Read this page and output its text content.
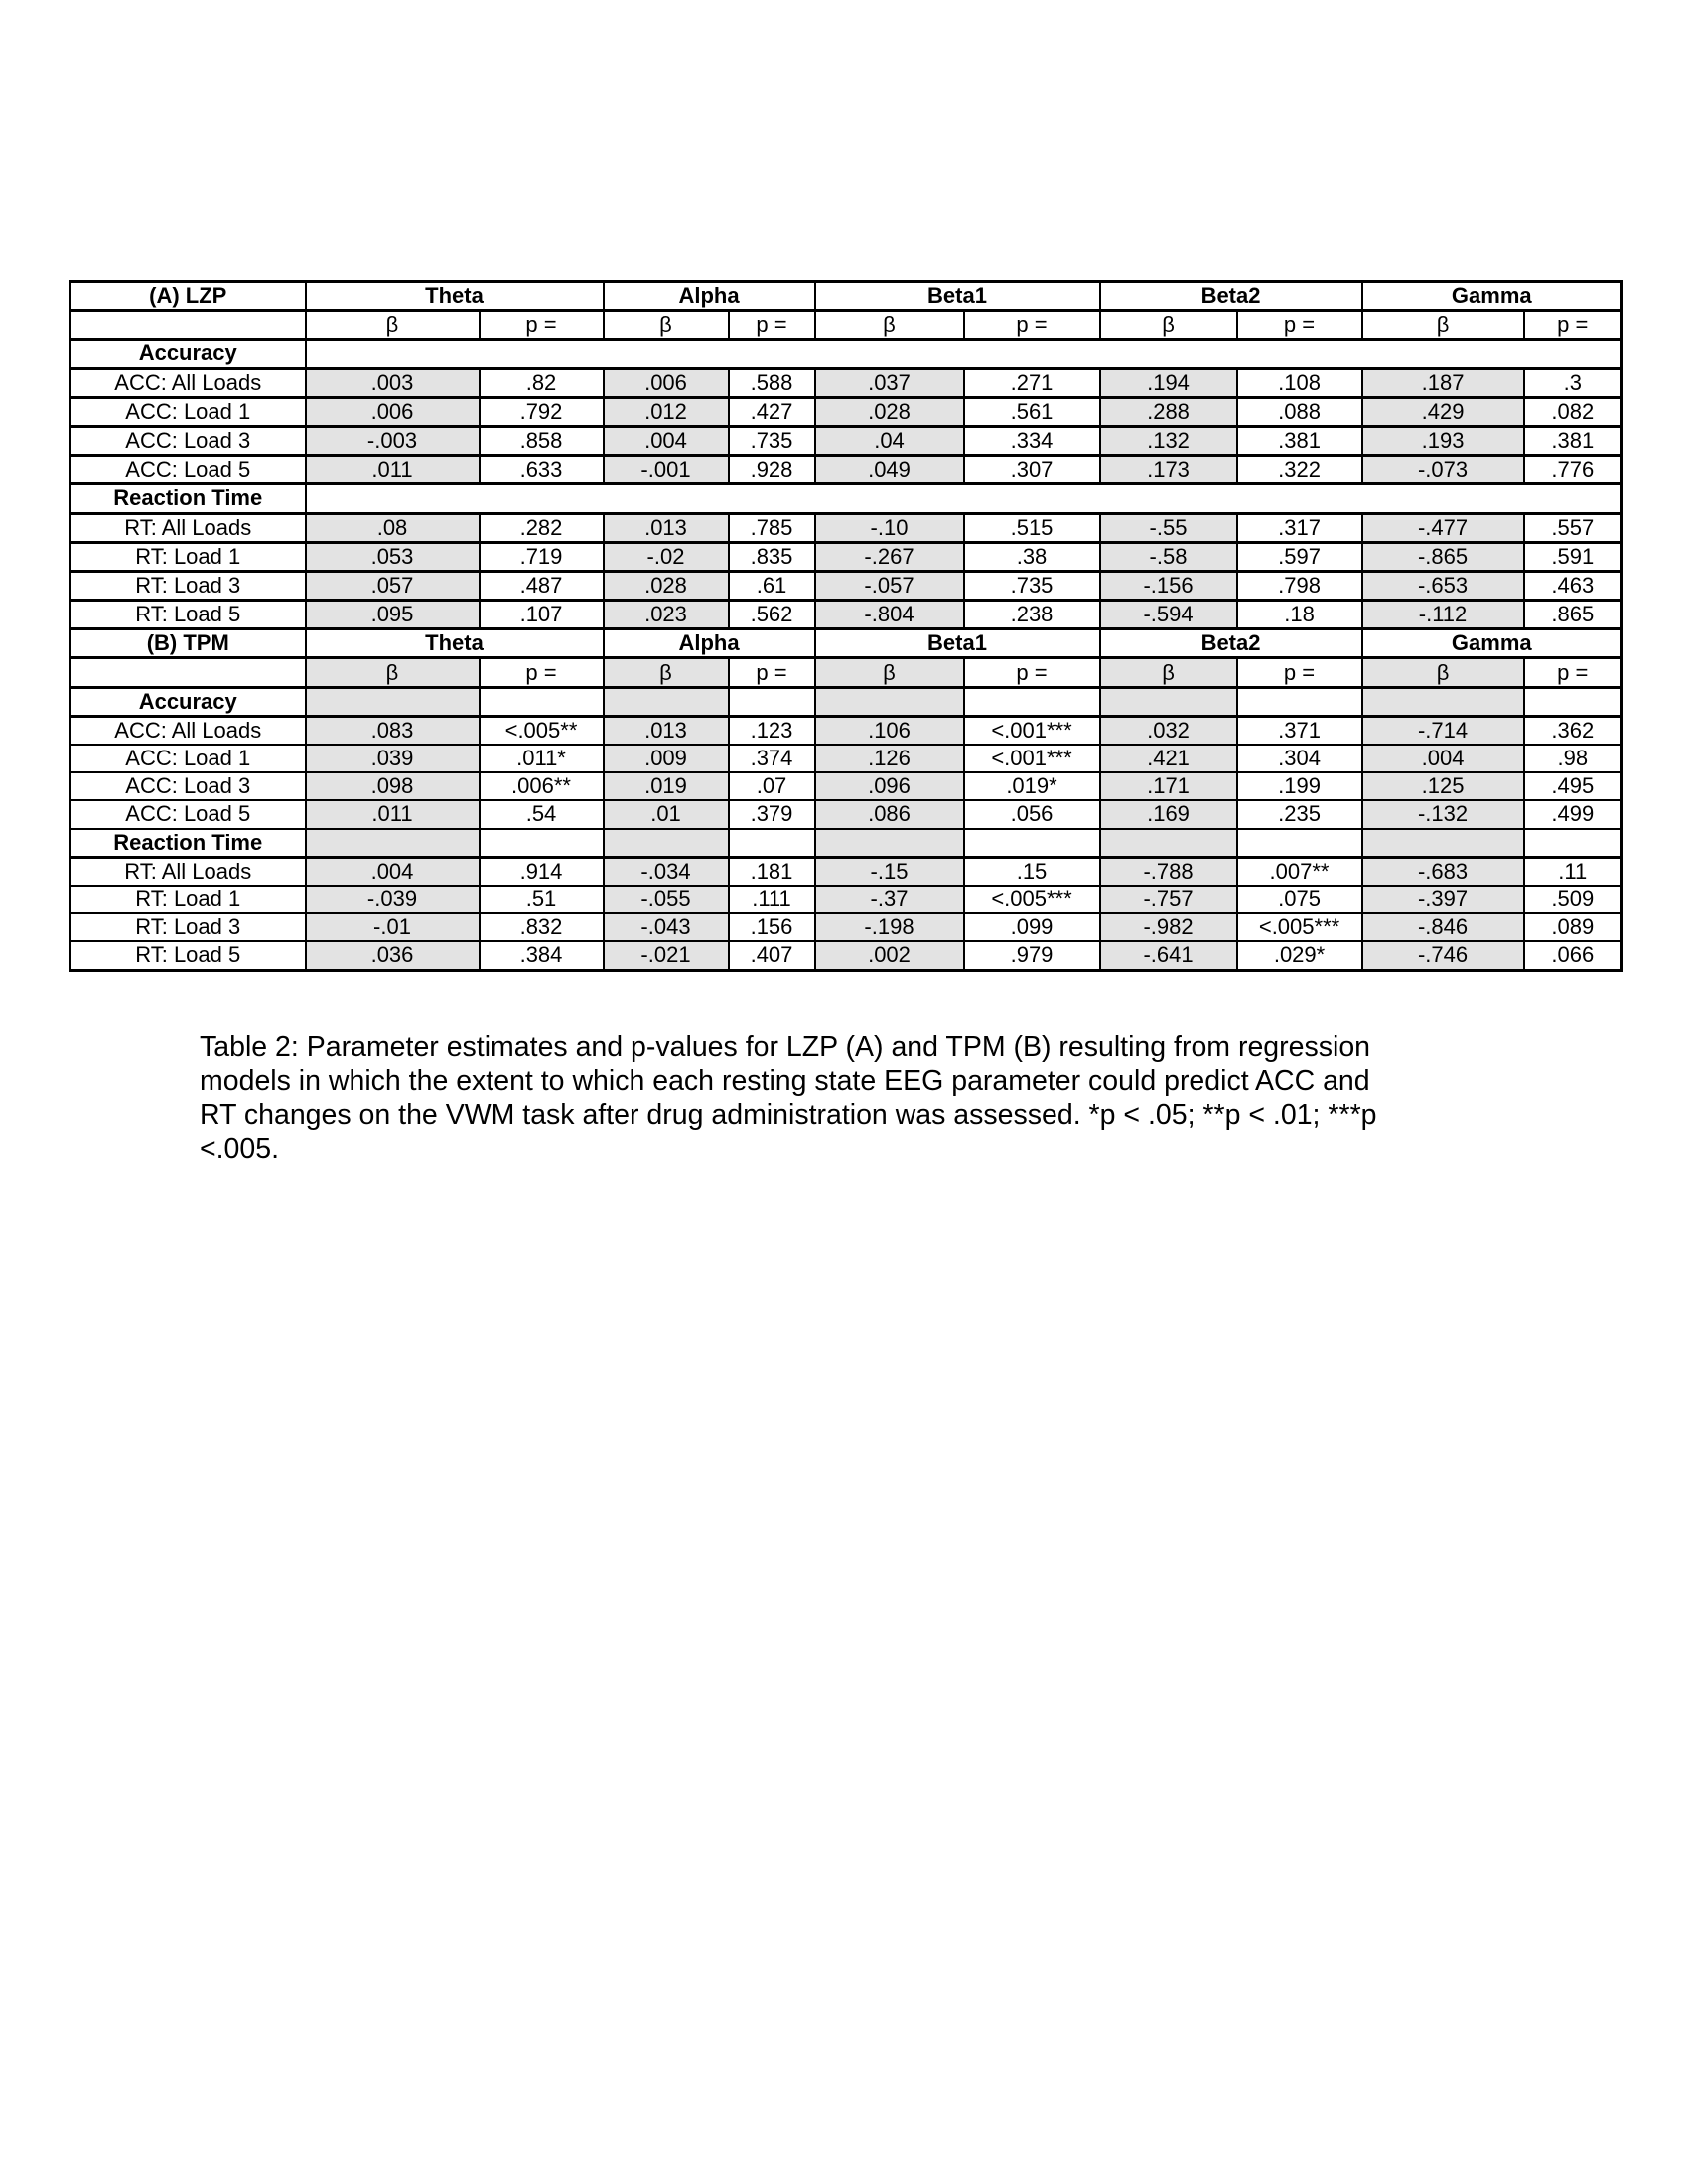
(A) LZP	Theta		Alpha		Beta1		Beta2		Gamma	
	β	p =	β	p =	β	p =	β	p =	β	p =
Accuracy										
ACC: All Loads	.003	.82	.006	.588	.037	.271	.194	.108	.187	.3
ACC: Load 1	.006	.792	.012	.427	.028	.561	.288	.088	.429	.082
ACC: Load 3	-.003	.858	.004	.735	.04	.334	.132	.381	.193	.381
ACC: Load 5	.011	.633	-.001	.928	.049	.307	.173	.322	-.073	.776
Reaction Time										
RT: All Loads	.08	.282	.013	.785	-.10	.515	-.55	.317	-.477	.557
RT: Load 1	.053	.719	-.02	.835	-.267	.38	-.58	.597	-.865	.591
RT: Load 3	.057	.487	.028	.61	-.057	.735	-.156	.798	-.653	.463
RT: Load 5	.095	.107	.023	.562	-.804	.238	-.594	.18	-.112	.865
(B) TPM	Theta		Alpha		Beta1		Beta2		Gamma	
	β	p =	β	p =	β	p =	β	p =	β	p =
Accuracy										
ACC: All Loads	.083	<.005**	.013	.123	.106	<.001***	.032	.371	-.714	.362
ACC: Load 1	.039	.011*	.009	.374	.126	<.001***	.421	.304	.004	.98
ACC: Load 3	.098	.006**	.019	.07	.096	.019*	.171	.199	.125	.495
ACC: Load 5	.011	.54	.01	.379	.086	.056	.169	.235	-.132	.499
Reaction Time										
RT: All Loads	.004	.914	-.034	.181	-.15	.15	-.788	.007**	-.683	.11
RT: Load 1	-.039	.51	-.055	.111	-.37	<.005***	-.757	.075	-.397	.509
RT: Load 3	-.01	.832	-.043	.156	-.198	.099	-.982	<.005***	-.846	.089
RT: Load 5	.036	.384	-.021	.407	.002	.979	-.641	.029*	-.746	.066

Table 2: Parameter estimates and p-values for LZP (A) and TPM (B) resulting from regression

models in which the extent to which each resting state EEG parameter could predict ACC and

RT changes on the VWM task after drug administration was assessed. *p < .05; **p < .01; ***p

<.005.
